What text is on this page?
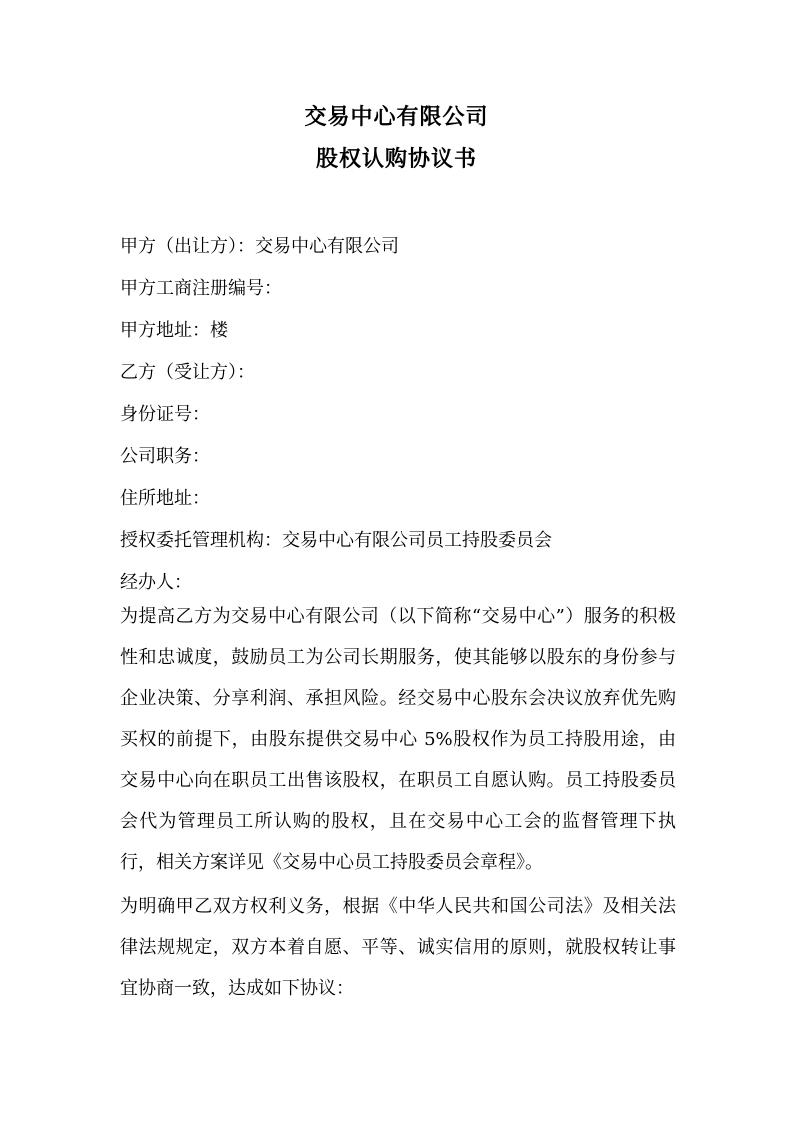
交易中心有限公司
股权认购协议书
甲方（出让方）：交易中心有限公司
甲方工商注册编号：
甲方地址：楼
乙方（受让方）：
身份证号：
公司职务：
住所地址：
授权委托管理机构：交易中心有限公司员工持股委员会
经办人：
为提高乙方为交易中心有限公司（以下简称“交易中心”）服务的积极性和忠诚度，鼓励员工为公司长期服务，使其能够以股东的身份参与企业决策、分享利润、承担风险。经交易中心股东会决议放弃优先购买权的前提下，由股东提供交易中心 5%股权作为员工持股用途，由交易中心向在职员工出售该股权，在职员工自愿认购。员工持股委员会代为管理员工所认购的股权，且在交易中心工会的监督管理下执行，相关方案详见《交易中心员工持股委员会章程》。
为明确甲乙双方权利义务，根据《中华人民共和国公司法》及相关法律法规规定，双方本着自愿、平等、诚实信用的原则，就股权转让事宜协商一致，达成如下协议：
